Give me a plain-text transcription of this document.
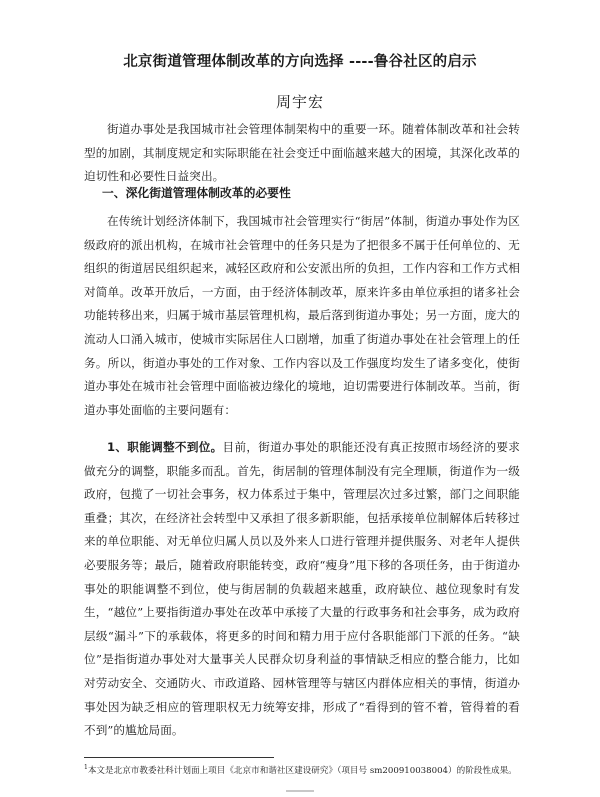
北京街道管理体制改革的方向选择 ----鲁谷社区的启示
周宇宏

街道办事处是我国城市社会管理体制架构中的重要一环。随着体制改革和社会转型的加剧，其制度规定和实际职能在社会变迁中面临越来越大的困境，其深化改革的迫切性和必要性日益突出。

一、深化街道管理体制改革的必要性

在传统计划经济体制下，我国城市社会管理实行“街居”体制，街道办事处作为区级政府的派出机构，在城市社会管理中的任务只是为了把很多不属于任何单位的、无组织的街道居民组织起来，减轻区政府和公安派出所的负担，工作内容和工作方式相对简单。改革开放后，一方面，由于经济体制改革，原来许多由单位承担的诸多社会功能转移出来，归属于城市基层管理机构，最后落到街道办事处；另一方面，庞大的流动人口涌入城市，使城市实际居住人口剧增，加重了街道办事处在社会管理上的任务。所以，街道办事处的工作对象、工作内容以及工作强度均发生了诸多变化，使街道办事处在城市社会管理中面临被边缘化的境地，迫切需要进行体制改革。当前，街道办事处面临的主要问题有：

1、职能调整不到位。目前，街道办事处的职能还没有真正按照市场经济的要求做充分的调整，职能多而乱。首先，街居制的管理体制没有完全理顺，街道作为一级政府，包揽了一切社会事务，权力体系过于集中，管理层次过多过繁，部门之间职能重叠；其次，在经济社会转型中又承担了很多新职能，包括承接单位制解体后转移过来的单位职能、对无单位归属人员以及外来人口进行管理并提供服务、对老年人提供必要服务等；最后，随着政府职能转变，政府“瘦身”甩下移的各项任务，由于街道办事处的职能调整不到位，使与街居制的负载超来越重，政府缺位、越位现象时有发生，“越位”上要指街道办事处在改革中承接了大量的行政事务和社会事务，成为政府层级“漏斗”下的承载体，将更多的时间和精力用于应付各职能部门下派的任务。“缺位”是指街道办事处对大量事关人民群众切身利益的事情缺乏相应的整合能力，比如对劳动安全、交通防火、市政道路、园林管理等与辖区内群体应相关的事情，街道办事处因为缺乏相应的管理职权无力统筹安排，形成了“看得到的管不着，管得着的看不到”的尴尬局面。

$^1$本文是北京市教委社科计划面上项目《北京市和谐社区建设研究》（项目号 sm200910038004）的阶段性成果。
